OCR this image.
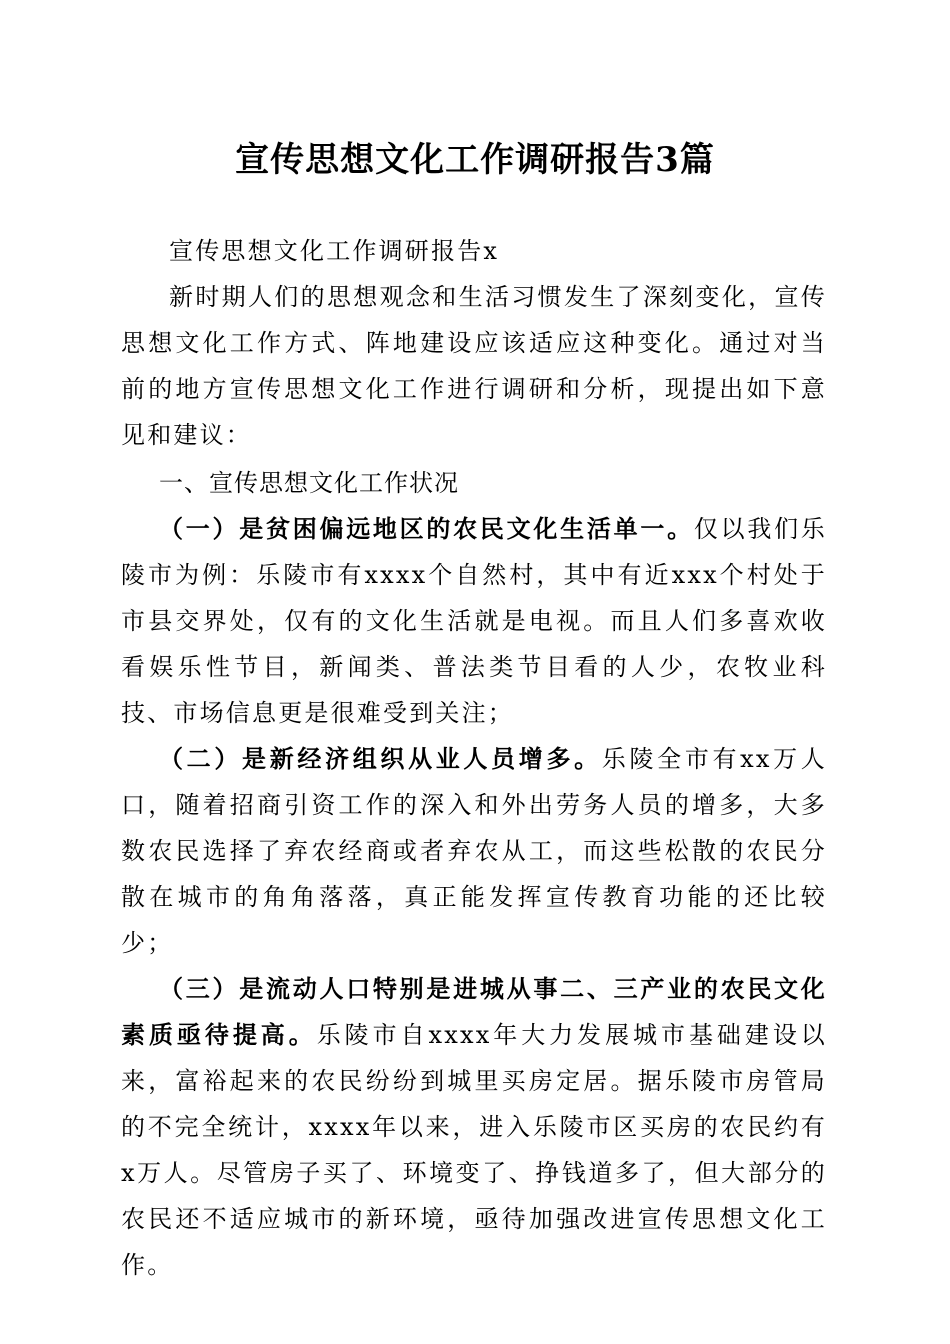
宣传思想文化工作调研报告3篇

宣传思想文化工作调研报告x

新时期人们的思想观念和生活习惯发生了深刻变化，宣传思想文化工作方式、阵地建设应该适应这种变化。通过对当前的地方宣传思想文化工作进行调研和分析，现提出如下意见和建议：

一、宣传思想文化工作状况

（一）是贫困偏远地区的农民文化生活单一。仅以我们乐陵市为例：乐陵市有xxxx个自然村，其中有近xxx个村处于市县交界处，仅有的文化生活就是电视。而且人们多喜欢收看娱乐性节目，新闻类、普法类节目看的人少，农牧业科技、市场信息更是很难受到关注；

（二）是新经济组织从业人员增多。乐陵全市有xx万人口，随着招商引资工作的深入和外出劳务人员的增多，大多数农民选择了弃农经商或者弃农从工，而这些松散的农民分散在城市的角角落落，真正能发挥宣传教育功能的还比较少；

（三）是流动人口特别是进城从事二、三产业的农民文化素质亟待提高。乐陵市自xxxx年大力发展城市基础建设以来，富裕起来的农民纷纷到城里买房定居。据乐陵市房管局的不完全统计，xxxx年以来，进入乐陵市区买房的农民约有x万人。尽管房子买了、环境变了、挣钱道多了，但大部分的农民还不适应城市的新环境，亟待加强改进宣传思想文化工作。
